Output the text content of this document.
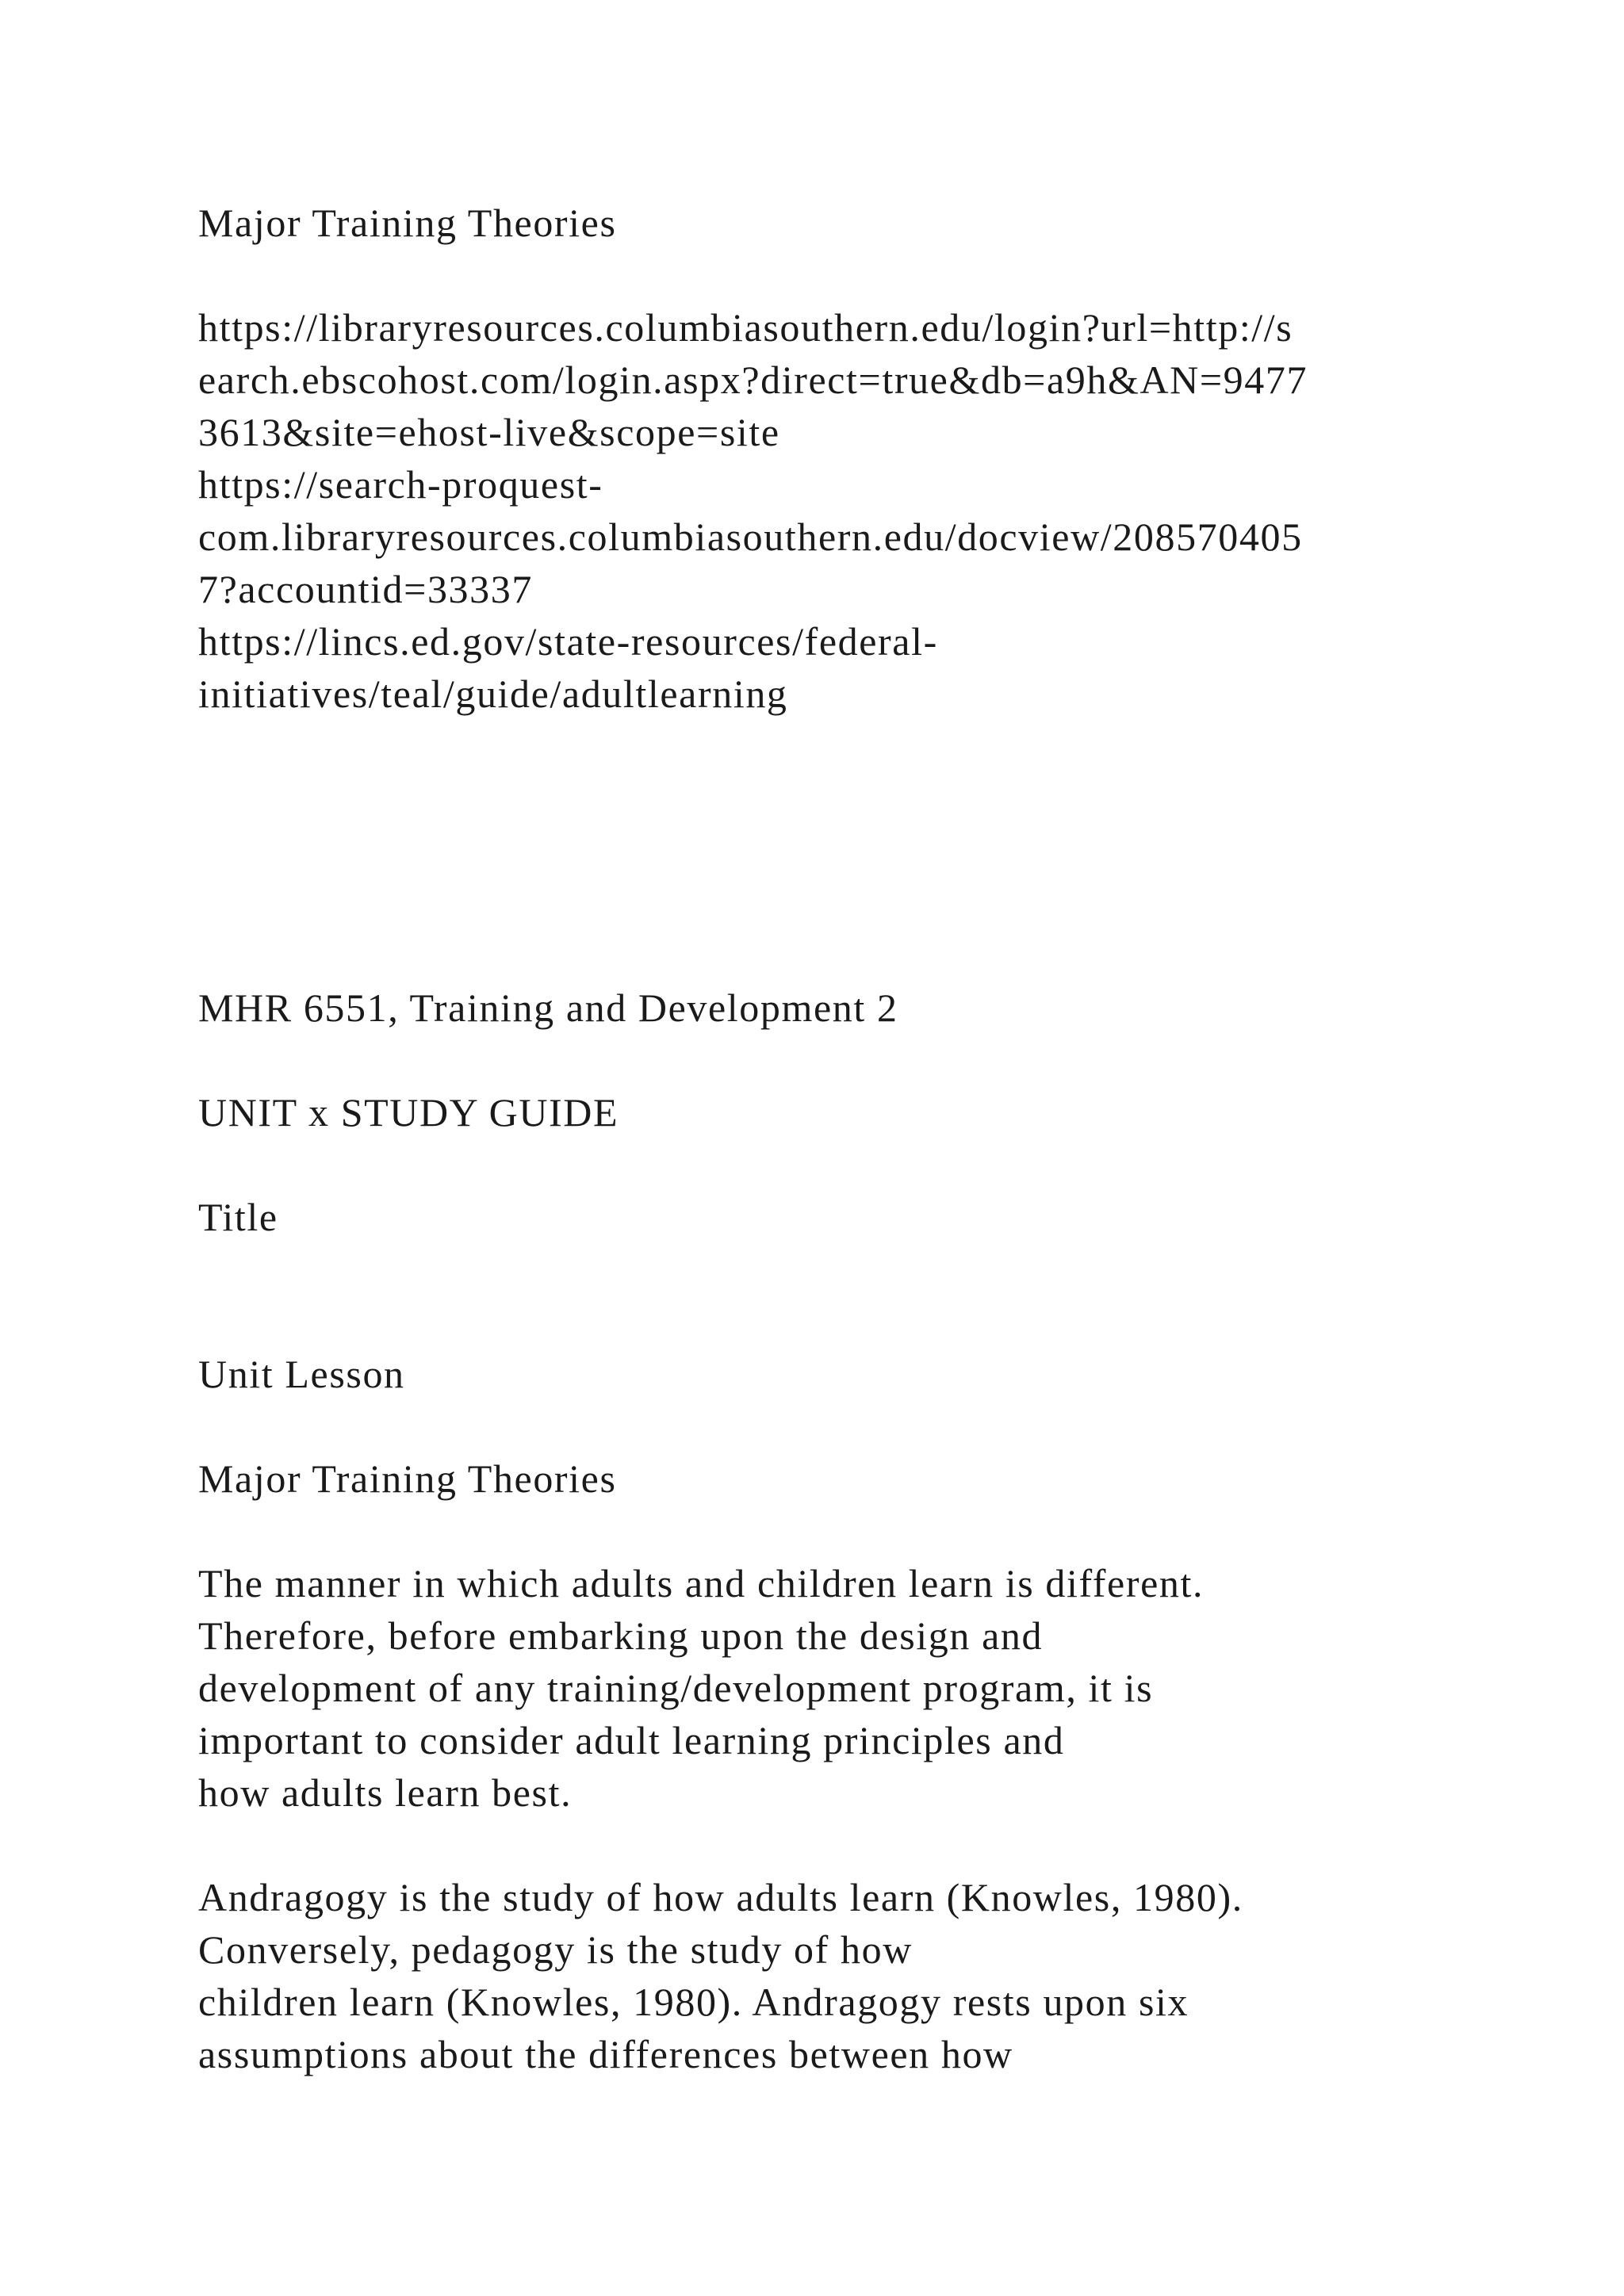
Major Training Theories

https://libraryresources.columbiasouthern.edu/login?url=http://s

earch.ebscohost.com/login.aspx?direct=true&db=a9h&AN=9477

3613&site=ehost-live&scope=site

https://search-proquest-

com.libraryresources.columbiasouthern.edu/docview/208570405

7?accountid=33337

https://lincs.ed.gov/state-resources/federal-

initiatives/teal/guide/adultlearning

MHR 6551, Training and Development 2

UNIT x STUDY GUIDE

Title

Unit Lesson

Major Training Theories

The manner in which adults and children learn is different.

Therefore, before embarking upon the design and

development of any training/development program, it is

important to consider adult learning principles and

how adults learn best.

Andragogy is the study of how adults learn (Knowles, 1980).

Conversely, pedagogy is the study of how

children learn (Knowles, 1980). Andragogy rests upon six

assumptions about the differences between how
